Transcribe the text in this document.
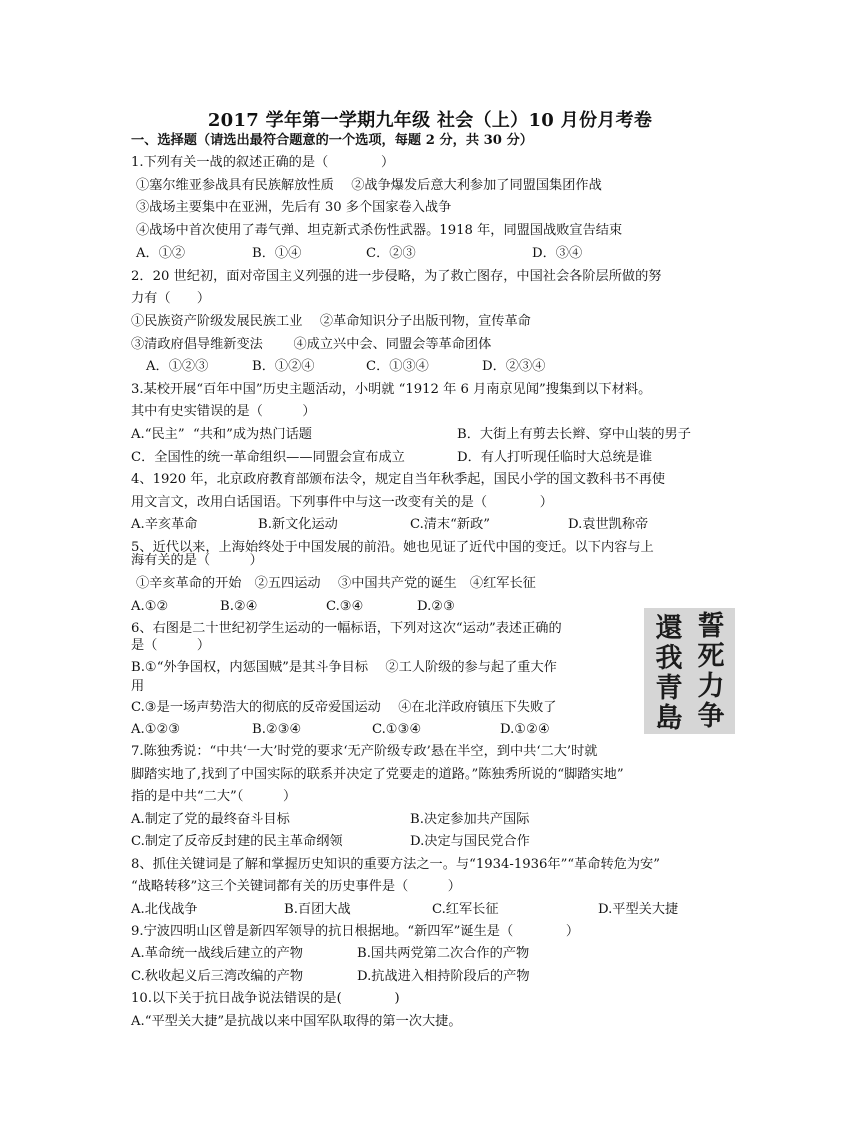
2017 学年第一学期九年级 社会（上）10 月份月考卷
一、选择题（请选出最符合题意的一个选项，每题 2 分，共 30 分）
1.下列有关一战的叙述正确的是（　　　　）
①塞尔维亚参战具有民族解放性质　 ②战争爆发后意大利参加了同盟国集团作战
③战场主要集中在亚洲，先后有 30 多个国家卷入战争
④战场中首次使用了毒气弹、坦克新式杀伤性武器。1918 年，同盟国战败宣告结束
A．①②	B．①④	C．②③	D．③④
2．20 世纪初，面对帝国主义列强的进一步侵略，为了救亡图存，中国社会各阶层所做的努
力有（　　）
①民族资产阶级发展民族工业　 ②革命知识分子出版刊物，宣传革命
③清政府倡导维新变法　　 ④成立兴中会、同盟会等革命团体
A．①②③	B．①②④	C．①③④	D．②③④
3.某校开展“百年中国”历史主题活动，小明就 “1912 年 6 月南京见闻”搜集到以下材料。
其中有史实错误的是（　　　）
A.“民主”  “共和”成为热门话题	B．大街上有剪去长辫、穿中山装的男子
C．全国性的统一革命组织——同盟会宣布成立	D．有人打听现任临时大总统是谁
4、1920 年，北京政府教育部颁布法令，规定自当年秋季起，国民小学的国文教科书不再使
用文言文，改用白话国语。下列事件中与这一改变有关的是（　　　　）
A.辛亥革命	B.新文化运动	C.清末“新政”	D.袁世凯称帝
5、近代以来，上海始终处于中国发展的前沿。她也见证了近代中国的变迁。以下内容与上
海有关的是（　　　）
①辛亥革命的开始　②五四运动　 ③中国共产党的诞生　④红军长征
A.①②	B.②④	C.③④	D.②③
6、右图是二十世纪初学生运动的一幅标语，下列对这次“运动”表述正确的
是（　　　）
B.①“外争国权，内惩国贼”是其斗争目标　 ②工人阶级的参与起了重大作
用
C.③是一场声势浩大的彻底的反帝爱国运动　 ④在北洋政府镇压下失败了
A.①②③	B.②③④	C.①③④	D.①②④
誓
死
力
争
還
我
青
島
7.陈独秀说：“中共‘一大’时党的要求‘无产阶级专政’悬在半空，到中共‘二大’时就
脚踏实地了,找到了中国实际的联系并决定了党要走的道路。”陈独秀所说的“脚踏实地”
指的是中共“二大”（　　　）
A.制定了党的最终奋斗目标	B.决定参加共产国际
C.制定了反帝反封建的民主革命纲领	D.决定与国民党合作
8、抓住关键词是了解和掌握历史知识的重要方法之一。与“1934-1936年”“革命转危为安”
“战略转移”这三个关键词都有关的历史事件是（　　　）
A.北伐战争	B.百团大战	C.红军长征	D.平型关大捷
9.宁波四明山区曾是新四军领导的抗日根据地。“新四军”诞生是（　　　　）
A.革命统一战线后建立的产物	B.国共两党第二次合作的产物
C.秋收起义后三湾改编的产物	D.抗战进入相持阶段后的产物
10.以下关于抗日战争说法错误的是(　　　　)
A.“平型关大捷”是抗战以来中国军队取得的第一次大捷。
